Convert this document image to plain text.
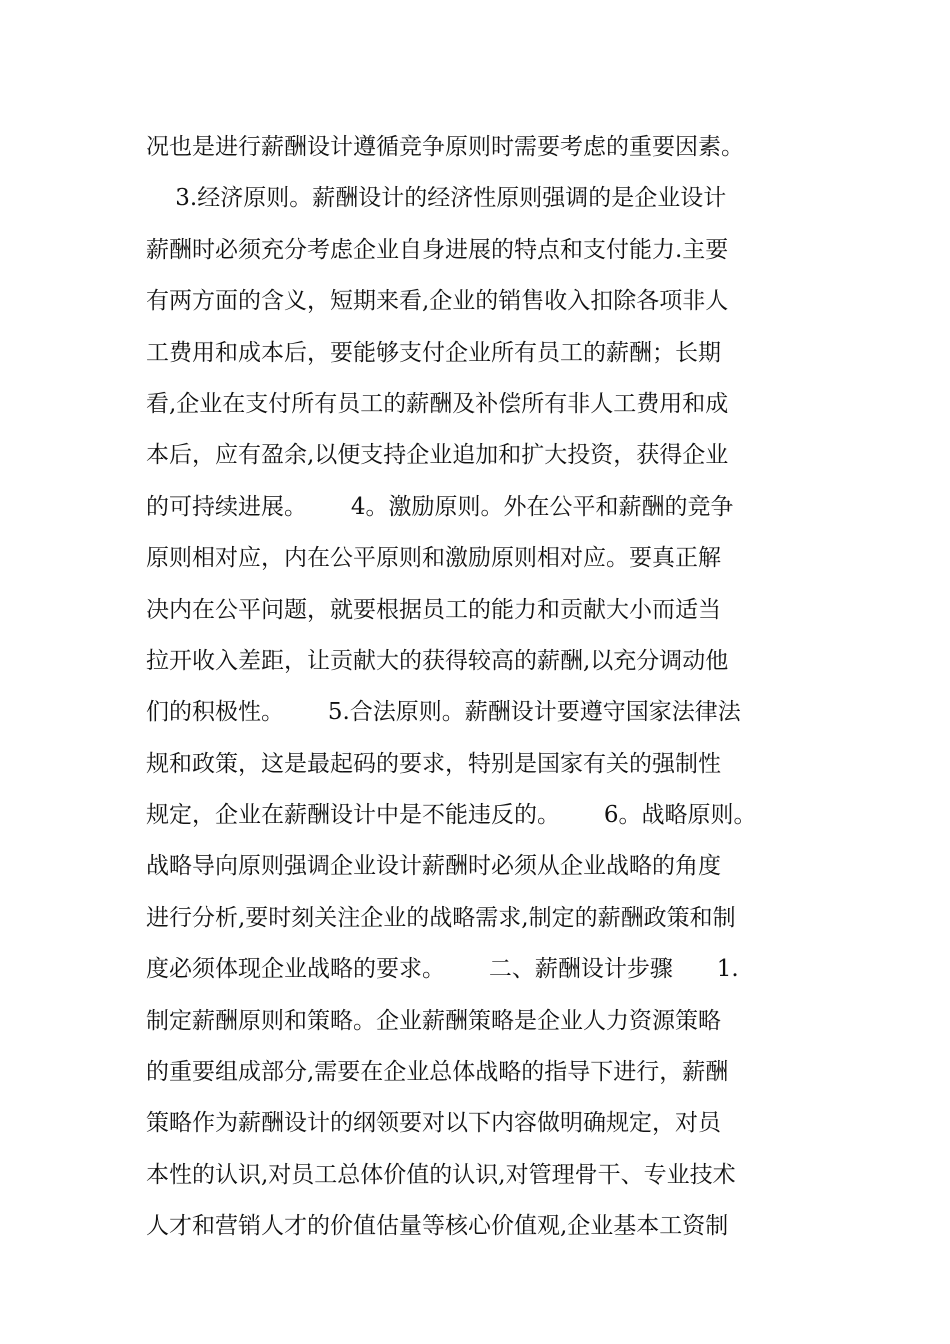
况也是进行薪酬设计遵循竞争原则时需要考虑的重要因素。
3.经济原则。薪酬设计的经济性原则强调的是企业设计
薪酬时必须充分考虑企业自身进展的特点和支付能力.主要
有两方面的含义，短期来看,企业的销售收入扣除各项非人
工费用和成本后，要能够支付企业所有员工的薪酬；长期
看,企业在支付所有员工的薪酬及补偿所有非人工费用和成
本后，应有盈余,以便支持企业追加和扩大投资，获得企业
的可持续进展。      4。激励原则。外在公平和薪酬的竞争
原则相对应，内在公平原则和激励原则相对应。要真正解
决内在公平问题，就要根据员工的能力和贡献大小而适当
拉开收入差距，让贡献大的获得较高的薪酬,以充分调动他
们的积极性。      5.合法原则。薪酬设计要遵守国家法律法
规和政策，这是最起码的要求，特别是国家有关的强制性
规定，企业在薪酬设计中是不能违反的。      6。战略原则。
战略导向原则强调企业设计薪酬时必须从企业战略的角度
进行分析,要时刻关注企业的战略需求,制定的薪酬政策和制
度必须体现企业战略的要求。      二、薪酬设计步骤      1.
制定薪酬原则和策略。企业薪酬策略是企业人力资源策略
的重要组成部分,需要在企业总体战略的指导下进行，薪酬
策略作为薪酬设计的纲领要对以下内容做明确规定，对员
本性的认识,对员工总体价值的认识,对管理骨干、专业技术
人才和营销人才的价值估量等核心价值观,企业基本工资制
